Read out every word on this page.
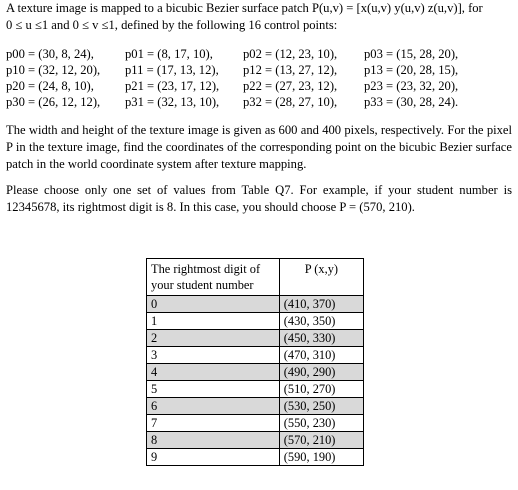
A texture image is mapped to a bicubic Bezier surface patch P(u,v) = [x(u,v) y(u,v) z(u,v)], for
0 ≤ u ≤1 and 0 ≤ v ≤1, defined by the following 16 control points:
p00 = (30, 8, 24),	p01 = (8, 17, 10),	p02 = (12, 23, 10),	p03 = (15, 28, 20),
p10 = (32, 12, 20),	p11 = (17, 13, 12),	p12 = (13, 27, 12),	p13 = (20, 28, 15),
p20 = (24, 8, 10),	p21 = (23, 17, 12),	p22 = (27, 23, 12),	p23 = (23, 32, 20),
p30 = (26, 12, 12),	p31 = (32, 13, 10),	p32 = (28, 27, 10),	p33 = (30, 28, 24).
The width and height of the texture image is given as 600 and 400 pixels, respectively. For the pixel P in the texture image, find the coordinates of the corresponding point on the bicubic Bezier surface patch in the world coordinate system after texture mapping.
Please choose only one set of values from Table Q7. For example, if your student number is 12345678, its rightmost digit is 8. In this case, you should choose P = (570, 210).
The rightmost digit of your student number	P (x,y)
0	(410, 370)
1	(430, 350)
2	(450, 330)
3	(470, 310)
4	(490, 290)
5	(510, 270)
6	(530, 250)
7	(550, 230)
8	(570, 210)
9	(590, 190)
